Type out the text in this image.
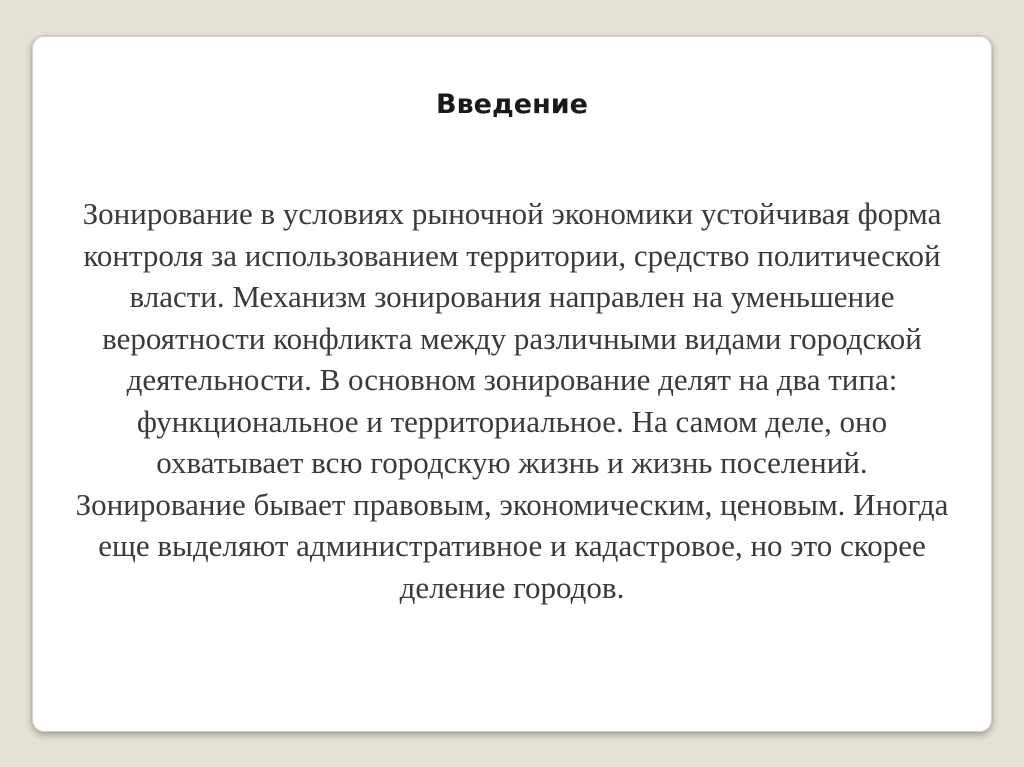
Введение

Зонирование в условиях рыночной экономики устойчивая форма контроля за использованием территории, средство политической власти. Механизм зонирования направлен на уменьшение вероятности конфликта между различными видами городской деятельности. В основном зонирование делят на два типа: функциональное и территориальное. На самом деле, оно охватывает всю городскую жизнь и жизнь поселений. Зонирование бывает правовым, экономическим, ценовым. Иногда еще выделяют административное и кадастровое, но это скорее деление городов.
